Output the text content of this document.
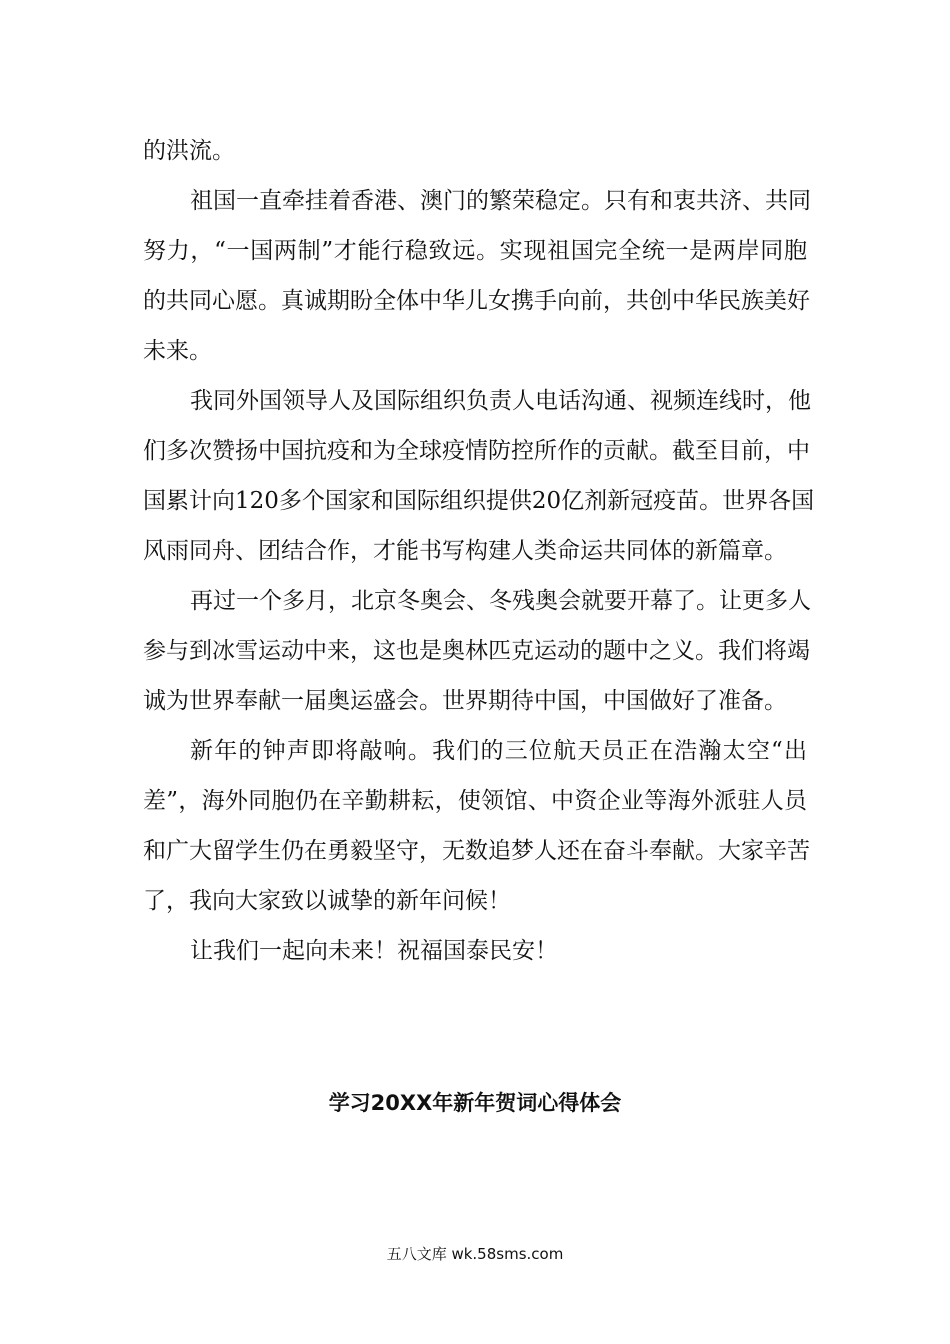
的洪流。
祖国一直牵挂着香港、澳门的繁荣稳定。只有和衷共济、共同
努力，“一国两制”才能行稳致远。实现祖国完全统一是两岸同胞
的共同心愿。真诚期盼全体中华儿女携手向前，共创中华民族美好
未来。
我同外国领导人及国际组织负责人电话沟通、视频连线时，他
们多次赞扬中国抗疫和为全球疫情防控所作的贡献。截至目前，中
国累计向120多个国家和国际组织提供20亿剂新冠疫苗。世界各国
风雨同舟、团结合作，才能书写构建人类命运共同体的新篇章。
再过一个多月，北京冬奥会、冬残奥会就要开幕了。让更多人
参与到冰雪运动中来，这也是奥林匹克运动的题中之义。我们将竭
诚为世界奉献一届奥运盛会。世界期待中国，中国做好了准备。
新年的钟声即将敲响。我们的三位航天员正在浩瀚太空“出
差”，海外同胞仍在辛勤耕耘，使领馆、中资企业等海外派驻人员
和广大留学生仍在勇毅坚守，无数追梦人还在奋斗奉献。大家辛苦
了，我向大家致以诚挚的新年问候！
让我们一起向未来！祝福国泰民安！
学习20XX年新年贺词心得体会
五八文库 wk.58sms.com
